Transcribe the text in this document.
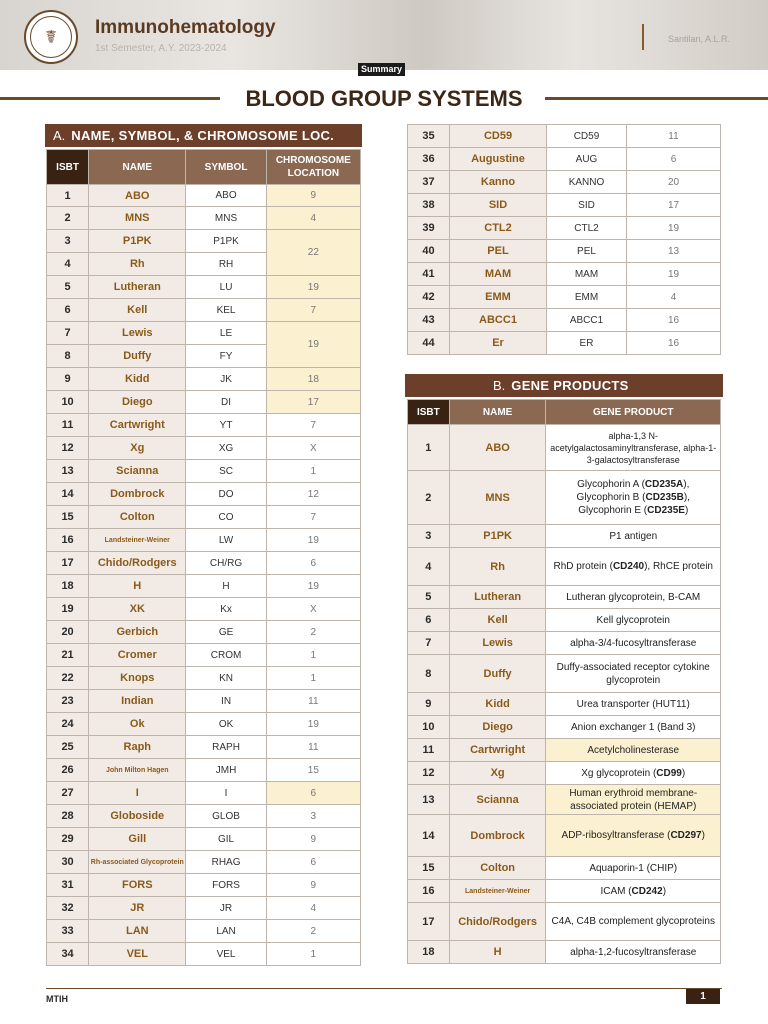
☤	Immunohematology
1st Semester, A.Y. 2023-2024
Santilan, A.L.R.
Summary
BLOOD GROUP SYSTEMS
A. NAME, SYMBOL, & CHROMOSOME LOC.
ISBT	NAME	SYMBOL	CHROMOSOME LOCATION
1	ABO	ABO	9
2	MNS	MNS	4
3	P1PK	P1PK	22
4	Rh	RH	
5	Lutheran	LU	19
6	Kell	KEL	7
7	Lewis	LE	19
8	Duffy	FY	
9	Kidd	JK	18
10	Diego	DI	17
11	Cartwright	YT	7
12	Xg	XG	X
13	Scianna	SC	1
14	Dombrock	DO	12
15	Colton	CO	7
16	Landsteiner-Weiner	LW	19
17	Chido/Rodgers	CH/RG	6
18	H	H	19
19	XK	Kx	X
20	Gerbich	GE	2
21	Cromer	CROM	1
22	Knops	KN	1
23	Indian	IN	11
24	Ok	OK	19
25	Raph	RAPH	11
26	John Milton Hagen	JMH	15
27	I	I	6
28	Globoside	GLOB	3
29	Gill	GIL	9
30	Rh-associated Glycoprotein	RHAG	6
31	FORS	FORS	9
32	JR	JR	4
33	LAN	LAN	2
34	VEL	VEL	1
35	CD59	CD59	11
36	Augustine	AUG	6
37	Kanno	KANNO	20
38	SID	SID	17
39	CTL2	CTL2	19
40	PEL	PEL	13
41	MAM	MAM	19
42	EMM	EMM	4
43	ABCC1	ABCC1	16
44	Er	ER	16
B. GENE PRODUCTS
ISBT	NAME	GENE PRODUCT
1	ABO	alpha-1,3 N-acetylgalactosaminyltransferase, alpha-1-3-galactosyltransferase
2	MNS	Glycophorin A (CD235A), Glycophorin B (CD235B), Glycophorin E (CD235E)
3	P1PK	P1 antigen
4	Rh	RhD protein (CD240), RhCE protein
5	Lutheran	Lutheran glycoprotein, B-CAM
6	Kell	Kell glycoprotein
7	Lewis	alpha-3/4-fucosyltransferase
8	Duffy	Duffy-associated receptor cytokine glycoprotein
9	Kidd	Urea transporter (HUT11)
10	Diego	Anion exchanger 1 (Band 3)
11	Cartwright	Acetylcholinesterase
12	Xg	Xg glycoprotein (CD99)
13	Scianna	Human erythroid membrane-associated protein (HEMAP)
14	Dombrock	ADP-ribosyltransferase (CD297)
15	Colton	Aquaporin-1 (CHIP)
16	Landsteiner-Weiner	ICAM (CD242)
17	Chido/Rodgers	C4A, C4B complement glycoproteins
18	H	alpha-1,2-fucosyltransferase
MTIH	1
